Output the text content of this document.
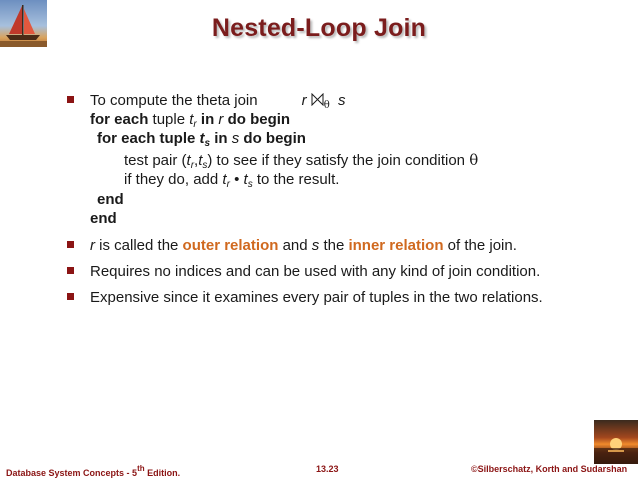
Nested-Loop Join
To compute the theta join	r $_\theta$ s
for each tuple $t_r$ in r do begin
for each tuple $t_s$ in s do begin
test pair $(t_r,t_s)$ to see if they satisfy the join condition θ
if they do, add $t_r$ • $t_s$ to the result.
end
end
r is called the outer relation and s the inner relation of the join.
Requires no indices and can be used with any kind of join condition.
Expensive since it examines every pair of tuples in the two relations.
Database System Concepts - 5th Edition.	13.23	©Silberschatz, Korth and Sudarshan
